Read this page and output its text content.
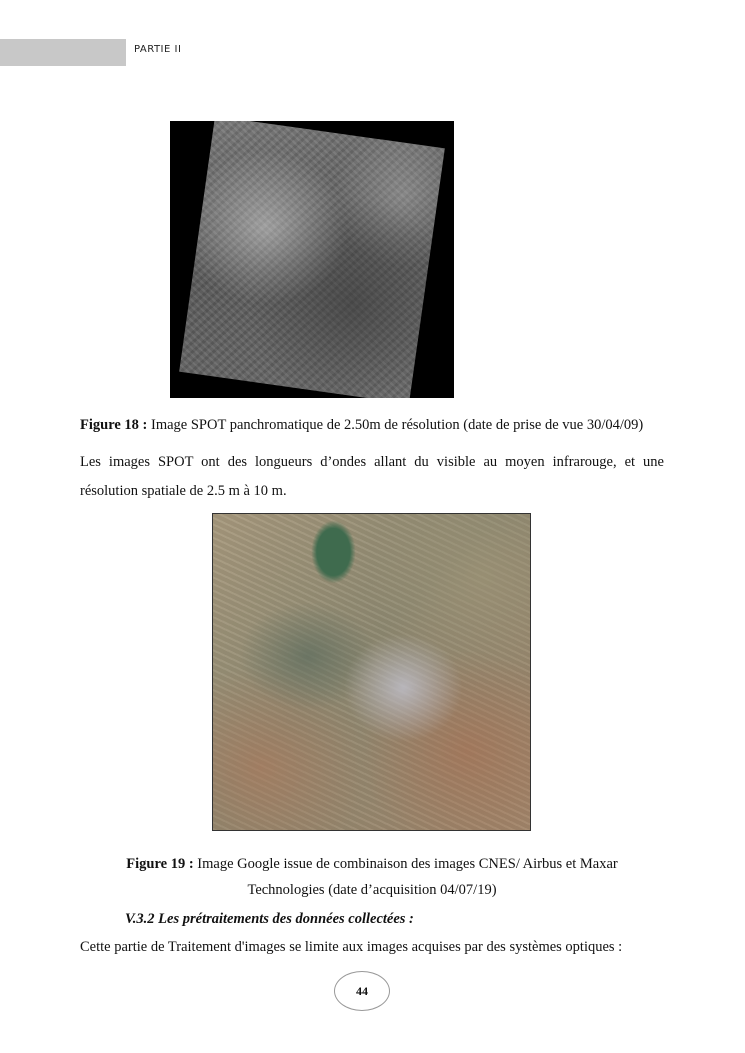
PARTIE II
Figure 18 : Image SPOT panchromatique de 2.50m de résolution (date de prise de vue 30/04/09)
Les images SPOT ont des longueurs d’ondes allant du visible au moyen infrarouge, et une résolution spatiale de 2.5 m à 10 m.
Figure 19 : Image Google issue de combinaison des images CNES/ Airbus et Maxar
Technologies (date d’acquisition 04/07/19)
V.3.2 Les prétraitements des données collectées :
Cette partie de Traitement d'images se limite aux images acquises par des systèmes optiques :
44
